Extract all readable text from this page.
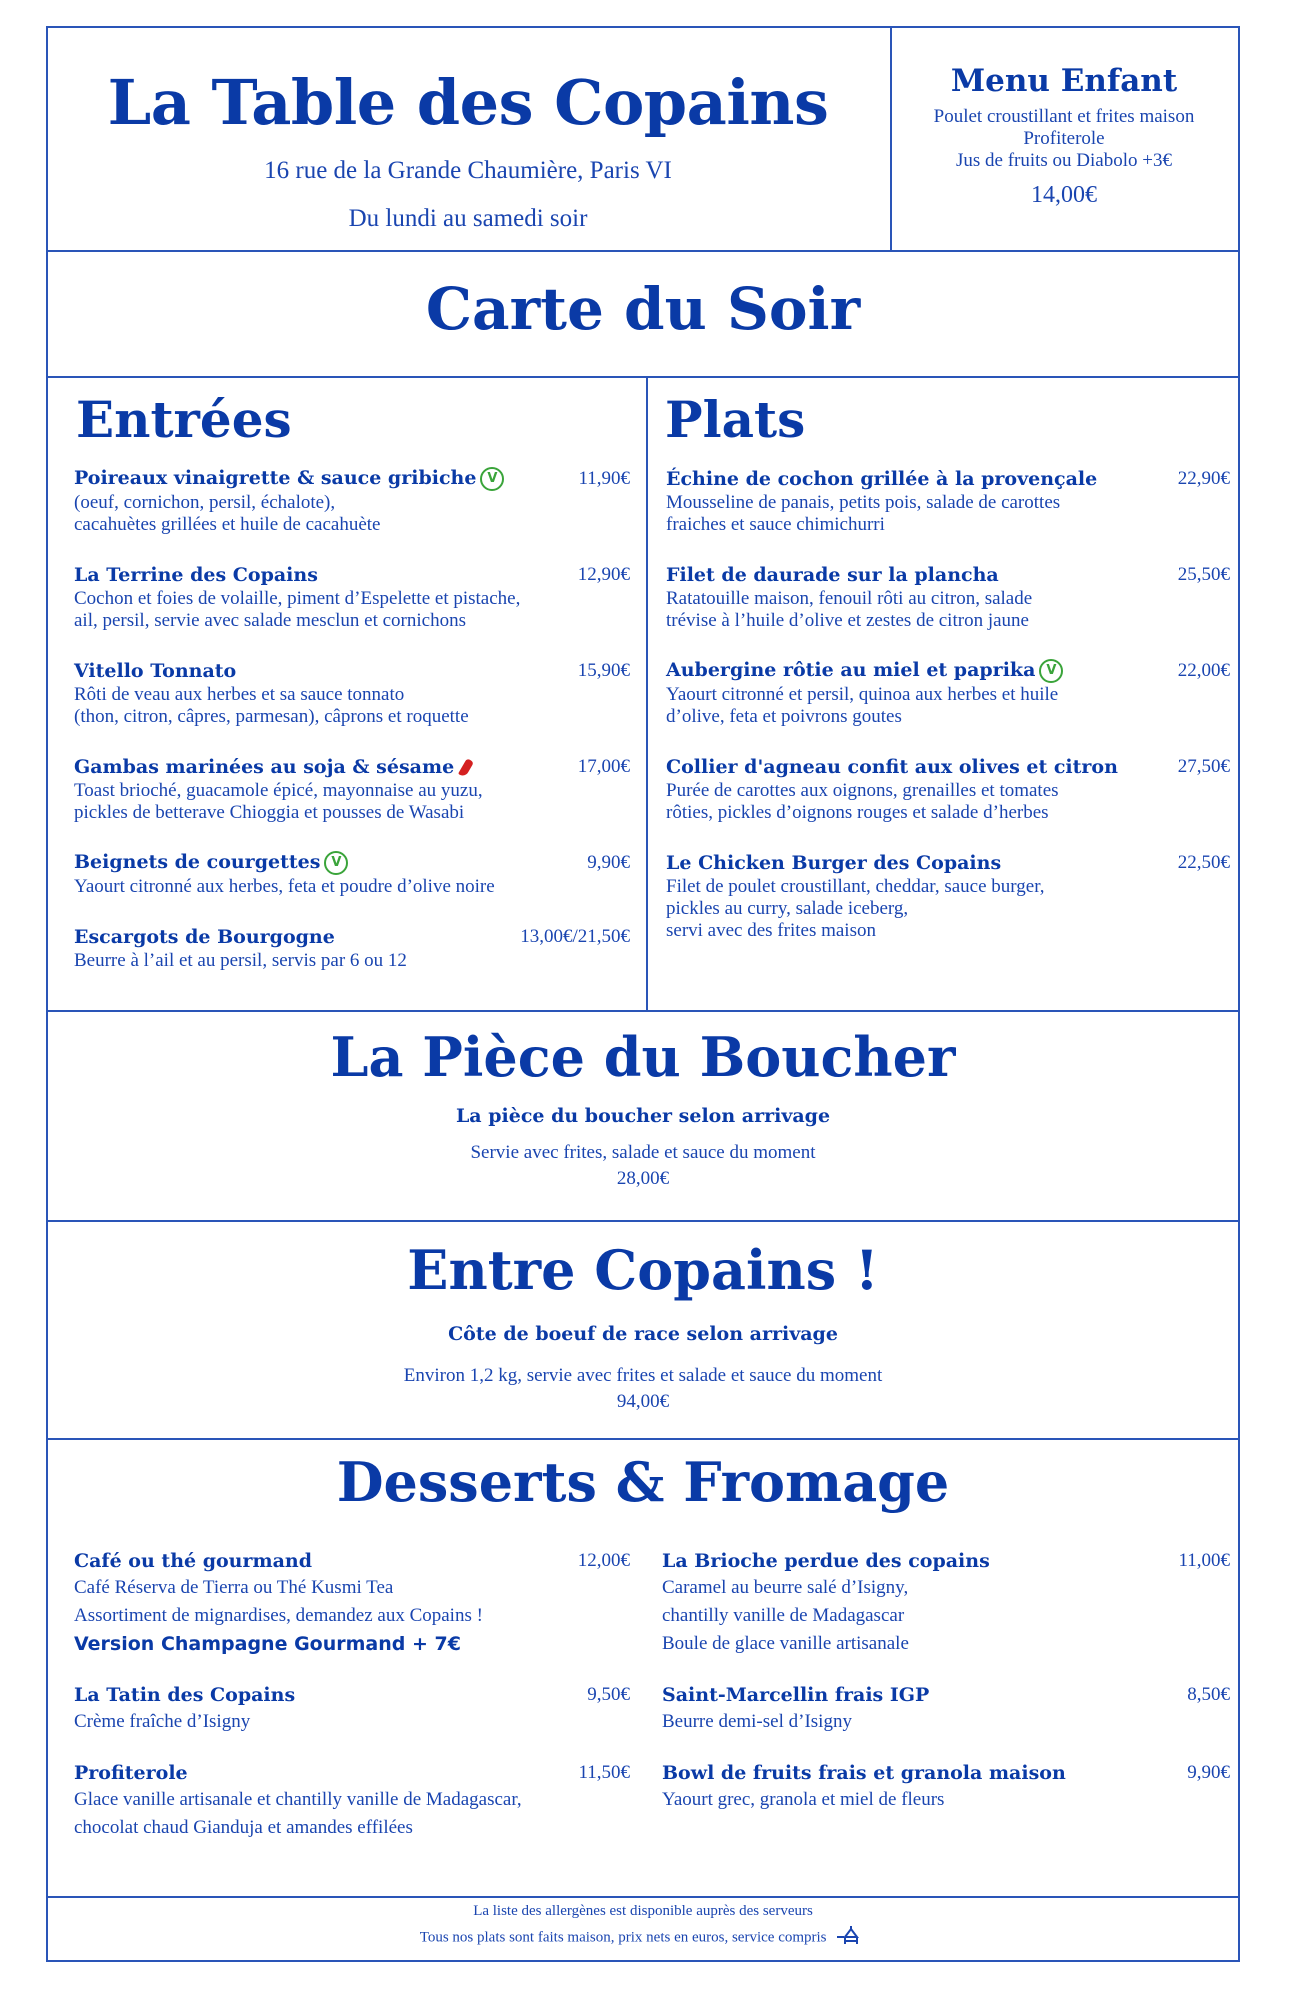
La Table des Copains
16 rue de la Grande Chaumière, Paris VI
Du lundi au samedi soir
Menu Enfant
Poulet croustillant et frites maison
Profiterole
Jus de fruits ou Diabolo +3€
14,00€
Carte du Soir
Entrées
Poireaux vinaigrette & sauce gribiche V	11,90€
(oeuf, cornichon, persil, échalote),
cacahuètes grillées et huile de cacahuète
La Terrine des Copains	12,90€
Cochon et foies de volaille, piment d’Espelette et pistache,
ail, persil, servie avec salade mesclun et cornichons
Vitello Tonnato	15,90€
Rôti de veau aux herbes et sa sauce tonnato
(thon, citron, câpres, parmesan), câprons et roquette
Gambas marinées au soja & sésame	17,00€
Toast brioché, guacamole épicé, mayonnaise au yuzu,
pickles de betterave Chioggia et pousses de Wasabi
Beignets de courgettes V	9,90€
Yaourt citronné aux herbes, feta et poudre d’olive noire
Escargots de Bourgogne	13,00€/21,50€
Beurre à l’ail et au persil, servis par 6 ou 12
Plats
Échine de cochon grillée à la provençale	22,90€
Mousseline de panais, petits pois, salade de carottes
fraiches et sauce chimichurri
Filet de daurade sur la plancha	25,50€
Ratatouille maison, fenouil rôti au citron, salade
trévise à l’huile d’olive et zestes de citron jaune
Aubergine rôtie au miel et paprika V	22,00€
Yaourt citronné et persil, quinoa aux herbes et huile
d’olive, feta et poivrons goutes
Collier d'agneau confit aux olives et citron	27,50€
Purée de carottes aux oignons, grenailles et tomates
rôties, pickles d’oignons rouges et salade d’herbes
Le Chicken Burger des Copains	22,50€
Filet de poulet croustillant, cheddar, sauce burger,
pickles au curry, salade iceberg,
servi avec des frites maison
La Pièce du Boucher
La pièce du boucher selon arrivage
Servie avec frites, salade et sauce du moment
28,00€
Entre Copains !
Côte de boeuf de race selon arrivage
Environ 1,2 kg, servie avec frites et salade et sauce du moment
94,00€
Desserts & Fromage
Café ou thé gourmand	12,00€
Café Réserva de Tierra ou Thé Kusmi Tea
Assortiment de mignardises, demandez aux Copains !
Version Champagne Gourmand + 7€
La Tatin des Copains	9,50€
Crème fraîche d’Isigny
Profiterole	11,50€
Glace vanille artisanale et chantilly vanille de Madagascar,
chocolat chaud Gianduja et amandes effilées
La Brioche perdue des copains	11,00€
Caramel au beurre salé d’Isigny,
chantilly vanille de Madagascar
Boule de glace vanille artisanale
Saint-Marcellin frais IGP	8,50€
Beurre demi-sel d’Isigny
Bowl de fruits frais et granola maison	9,90€
Yaourt grec, granola et miel de fleurs
La liste des allergènes est disponible auprès des serveurs
Tous nos plats sont faits maison, prix nets en euros, service compris
